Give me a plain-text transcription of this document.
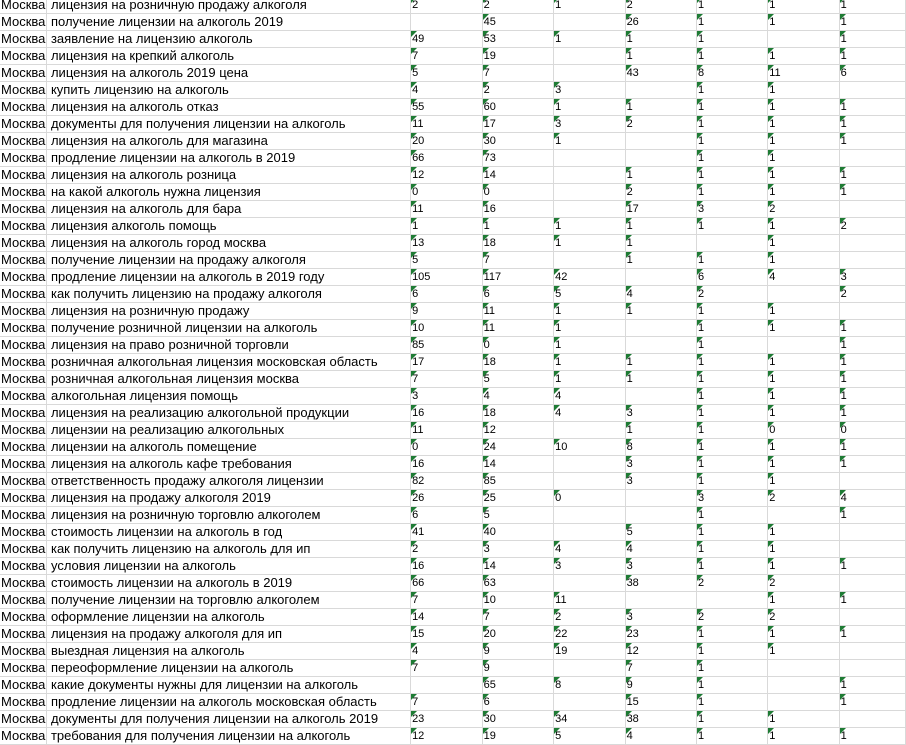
Москва	лицензия на розничную продажу алкоголя	2	2	1	2	1	1	1
Москва	получение лицензии на алкоголь 2019		45		26	1	1	1
Москва	заявление на лицензию алкоголь	49	53	1	1	1		1
Москва	лицензия на крепкий алкоголь	7	19		1	1	1	1
Москва	лицензия на алкоголь 2019 цена	5	7		43	8	11	6
Москва	купить лицензию на алкоголь	4	2	3		1	1	
Москва	лицензия на алкоголь отказ	55	60	1	1	1	1	1
Москва	документы для получения лицензии на алкоголь	11	17	3	2	1	1	1
Москва	лицензия на алкоголь для магазина	20	30	1		1	1	1
Москва	продление лицензии на алкоголь в 2019	66	73			1	1	
Москва	лицензия на алкоголь розница	12	14		1	1	1	1
Москва	на какой алкоголь нужна лицензия	0	0		2	1	1	1
Москва	лицензия на алкоголь для бара	11	16		17	3	2	
Москва	лицензия алкоголь помощь	1	1	1	1	1	1	2
Москва	лицензия на алкоголь город москва	13	18	1	1		1	
Москва	получение лицензии на продажу алкоголя	5	7		1	1	1	
Москва	продление лицензии на алкоголь в 2019 году	105	117	42		6	4	3
Москва	как получить лицензию на продажу алкоголя	6	6	5	4	2		2
Москва	лицензия на розничную продажу	9	11	1	1	1	1	
Москва	получение розничной лицензии на алкоголь	10	11	1		1	1	1
Москва	лицензия на право розничной торговли	85	0	1		1		1
Москва	розничная алкогольная лицензия московская область	17	18	1	1	1	1	1
Москва	розничная алкогольная лицензия москва	7	5	1	1	1	1	1
Москва	алкогольная лицензия помощь	3	4	4		1	1	1
Москва	лицензия на реализацию алкогольной продукции	16	18	4	3	1	1	1
Москва	лицензии на реализацию алкогольных	11	12		1	1	0	0
Москва	лицензии на алкоголь помещение	0	24	10	8	1	1	1
Москва	лицензия на алкоголь кафе требования	16	14		3	1	1	1
Москва	ответственность продажу алкоголя лицензии	82	85		3	1	1	
Москва	лицензия на продажу алкоголя 2019	26	25	0		3	2	4
Москва	лицензия на розничную торговлю алкоголем	6	5			1		1
Москва	стоимость лицензии на алкоголь в год	41	40		5	1	1	
Москва	как получить лицензию на алкоголь для ип	2	3	4	4	1	1	
Москва	условия лицензии на алкоголь	16	14	3	3	1	1	1
Москва	стоимость лицензии на алкоголь в 2019	66	63		38	2	2	
Москва	получение лицензии на торговлю алкоголем	7	10	11			1	1
Москва	оформление лицензии на алкоголь	14	7	2	3	2	2	
Москва	лицензия на продажу алкоголя для ип	15	20	22	23	1	1	1
Москва	выездная лицензия на алкоголь	4	9	19	12	1	1	
Москва	переоформление лицензии на алкоголь	7	9		7	1		
Москва	какие документы нужны для лицензии на алкоголь		65	8	9	1		1
Москва	продление лицензии на алкоголь московская область	7	6		15	1		1
Москва	документы для получения лицензии на алкоголь 2019	23	30	34	38	1	1	
Москва	требования для получения лицензии на алкоголь	12	19	5	4	1	1	1
